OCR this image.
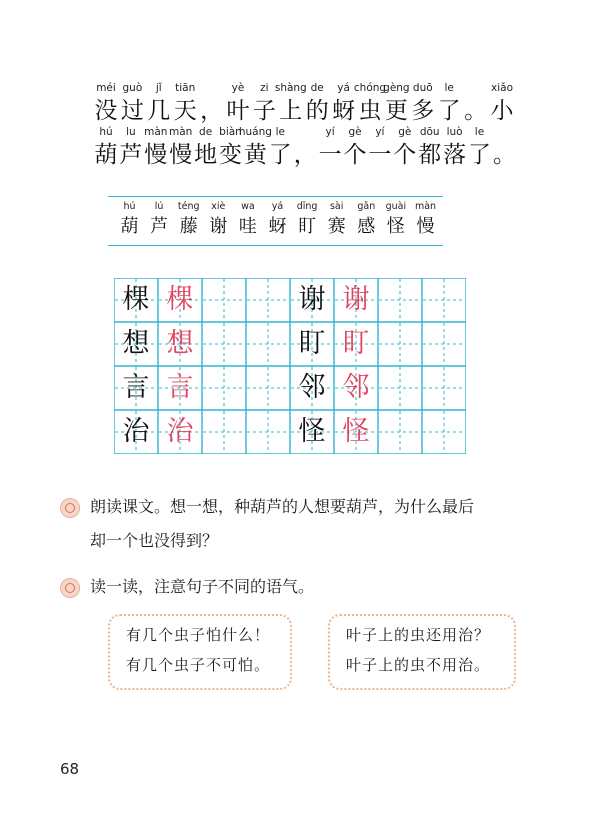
méi
没
guò
过
jǐ
几
tiān
天 ，
yè
叶
zi
子
shàng
上
de
的
yá
蚜
chóng
虫
gèng
更
duō
多
le
了 。
xiǎo
小
hú
葫
lu
芦
màn
慢
màn
慢
de
地
biàn
变
huáng
黄
le
了 ，
yí
一
gè
个
yí
一
gè
个
dōu
都
luò
落
le
了 。
hú
葫
lú
芦
téng
藤
xiè
谢
wa
哇
yá
蚜
dīng
盯
sài
赛
gǎn
感
guài
怪
màn
慢
棵 棵
想 想
言 言
治 治
谢 谢
盯 盯
邻 邻
怪 怪
朗读课文。想一想，种葫芦的人想要葫芦，为什么最后
却一个也没得到？
读一读，注意句子不同的语气。
有几个虫子怕什么！
有几个虫子不可怕。
叶子上的虫还用治？
叶子上的虫不用治。
68
